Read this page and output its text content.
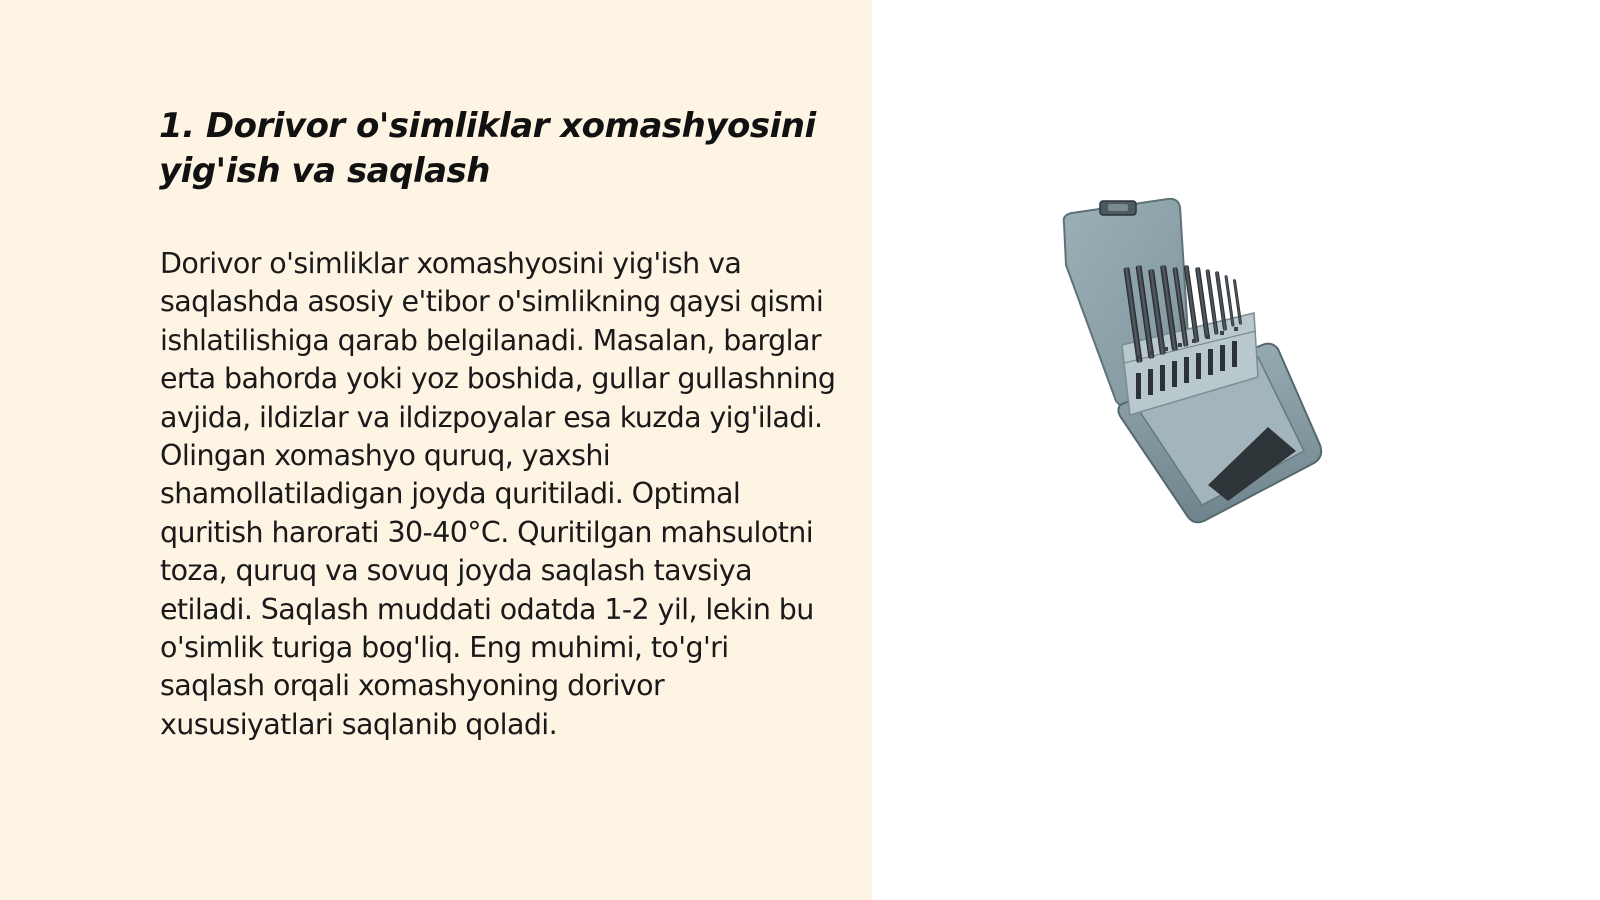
1. Dorivor o'simliklar xomashyosini yig'ish va saqlash

Dorivor o'simliklar xomashyosini yig'ish va saqlashda asosiy e'tibor o'simlikning qaysi qismi ishlatilishiga qarab belgilanadi. Masalan, barglar erta bahorda yoki yoz boshida, gullar gullashning avjida, ildizlar va ildizpoyalar esa kuzda yig'iladi. Olingan xomashyo quruq, yaxshi shamollatiladigan joyda quritiladi. Optimal quritish harorati 30-40°C. Quritilgan mahsulotni toza, quruq va sovuq joyda saqlash tavsiya etiladi. Saqlash muddati odatda 1-2 yil, lekin bu o'simlik turiga bog'liq. Eng muhimi, to'g'ri saqlash orqali xomashyoning dorivor xususiyatlari saqlanib qoladi.
